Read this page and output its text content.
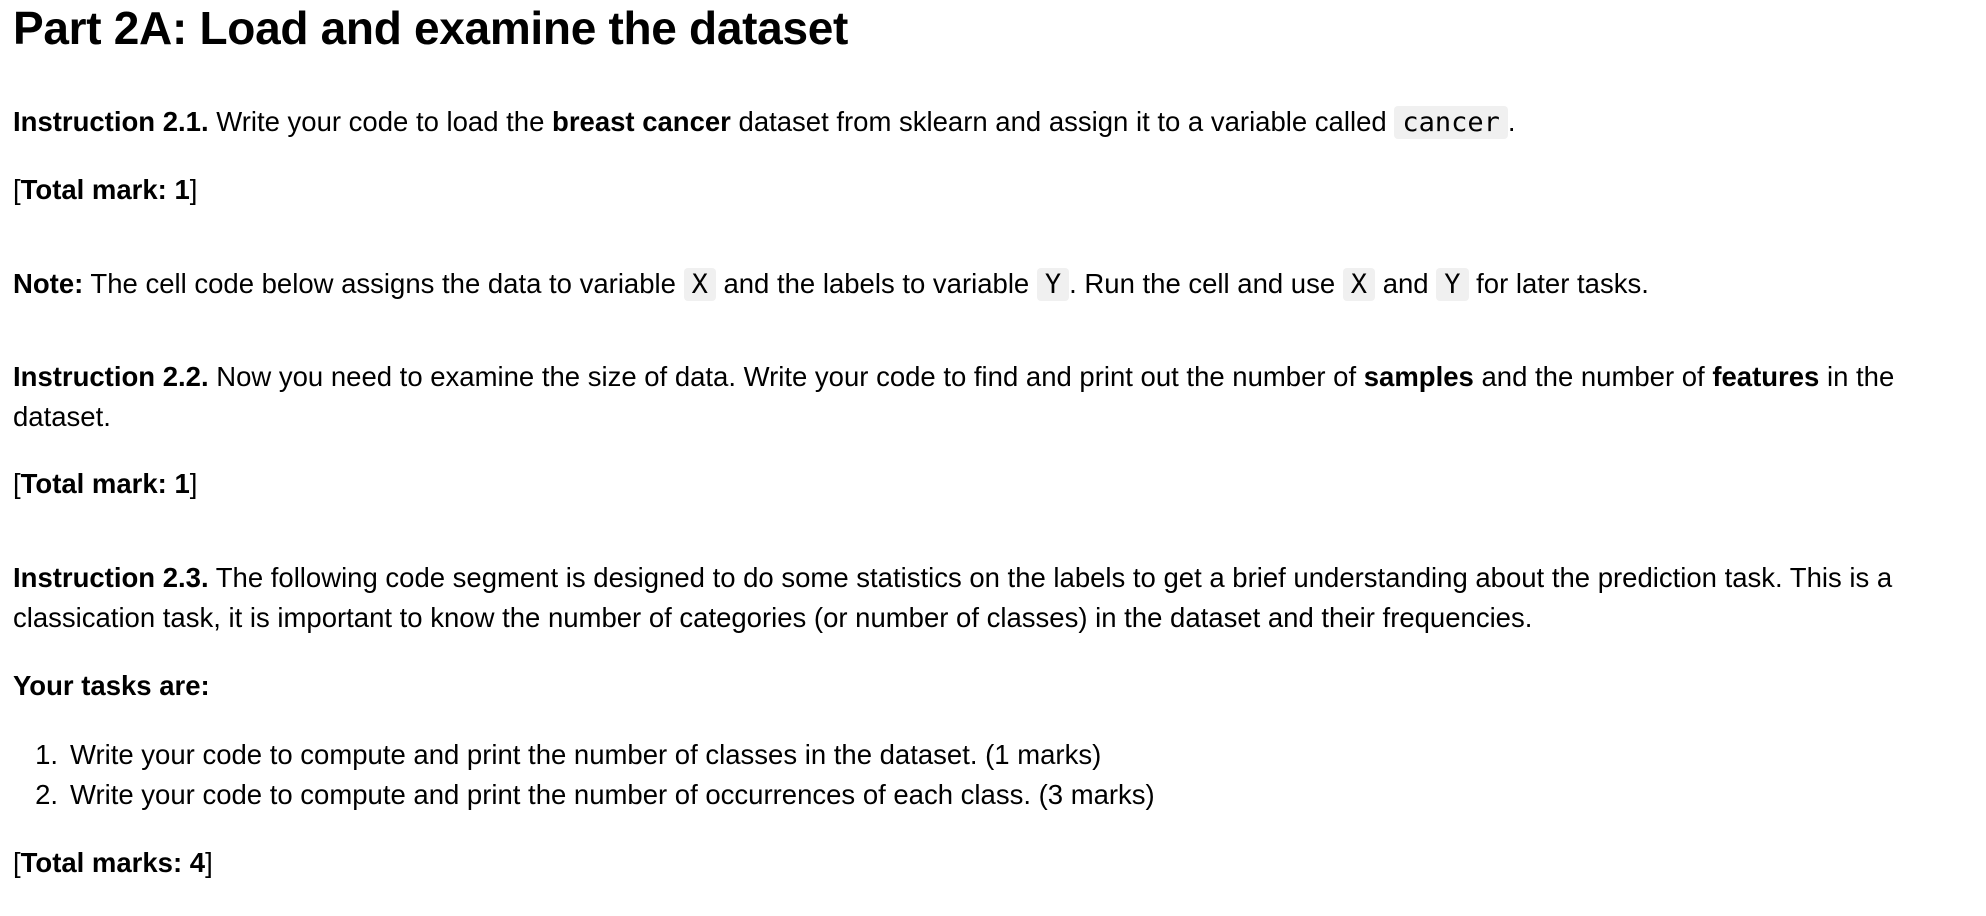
Part 2A: Load and examine the dataset

Instruction 2.1. Write your code to load the breast cancer dataset from sklearn and assign it to a variable called cancer .

[Total mark: 1]

Note: The cell code below assigns the data to variable X and the labels to variable Y . Run the cell and use X and Y for later tasks.

Instruction 2.2. Now you need to examine the size of data. Write your code to find and print out the number of samples and the number of features in the

dataset.

[Total mark: 1]

Instruction 2.3. The following code segment is designed to do some statistics on the labels to get a brief understanding about the prediction task. This is a

classication task, it is important to know the number of categories (or number of classes) in the dataset and their frequencies.

Your tasks are:

1. Write your code to compute and print the number of classes in the dataset. (1 marks)
2. Write your code to compute and print the number of occurrences of each class. (3 marks)

[Total marks: 4]
